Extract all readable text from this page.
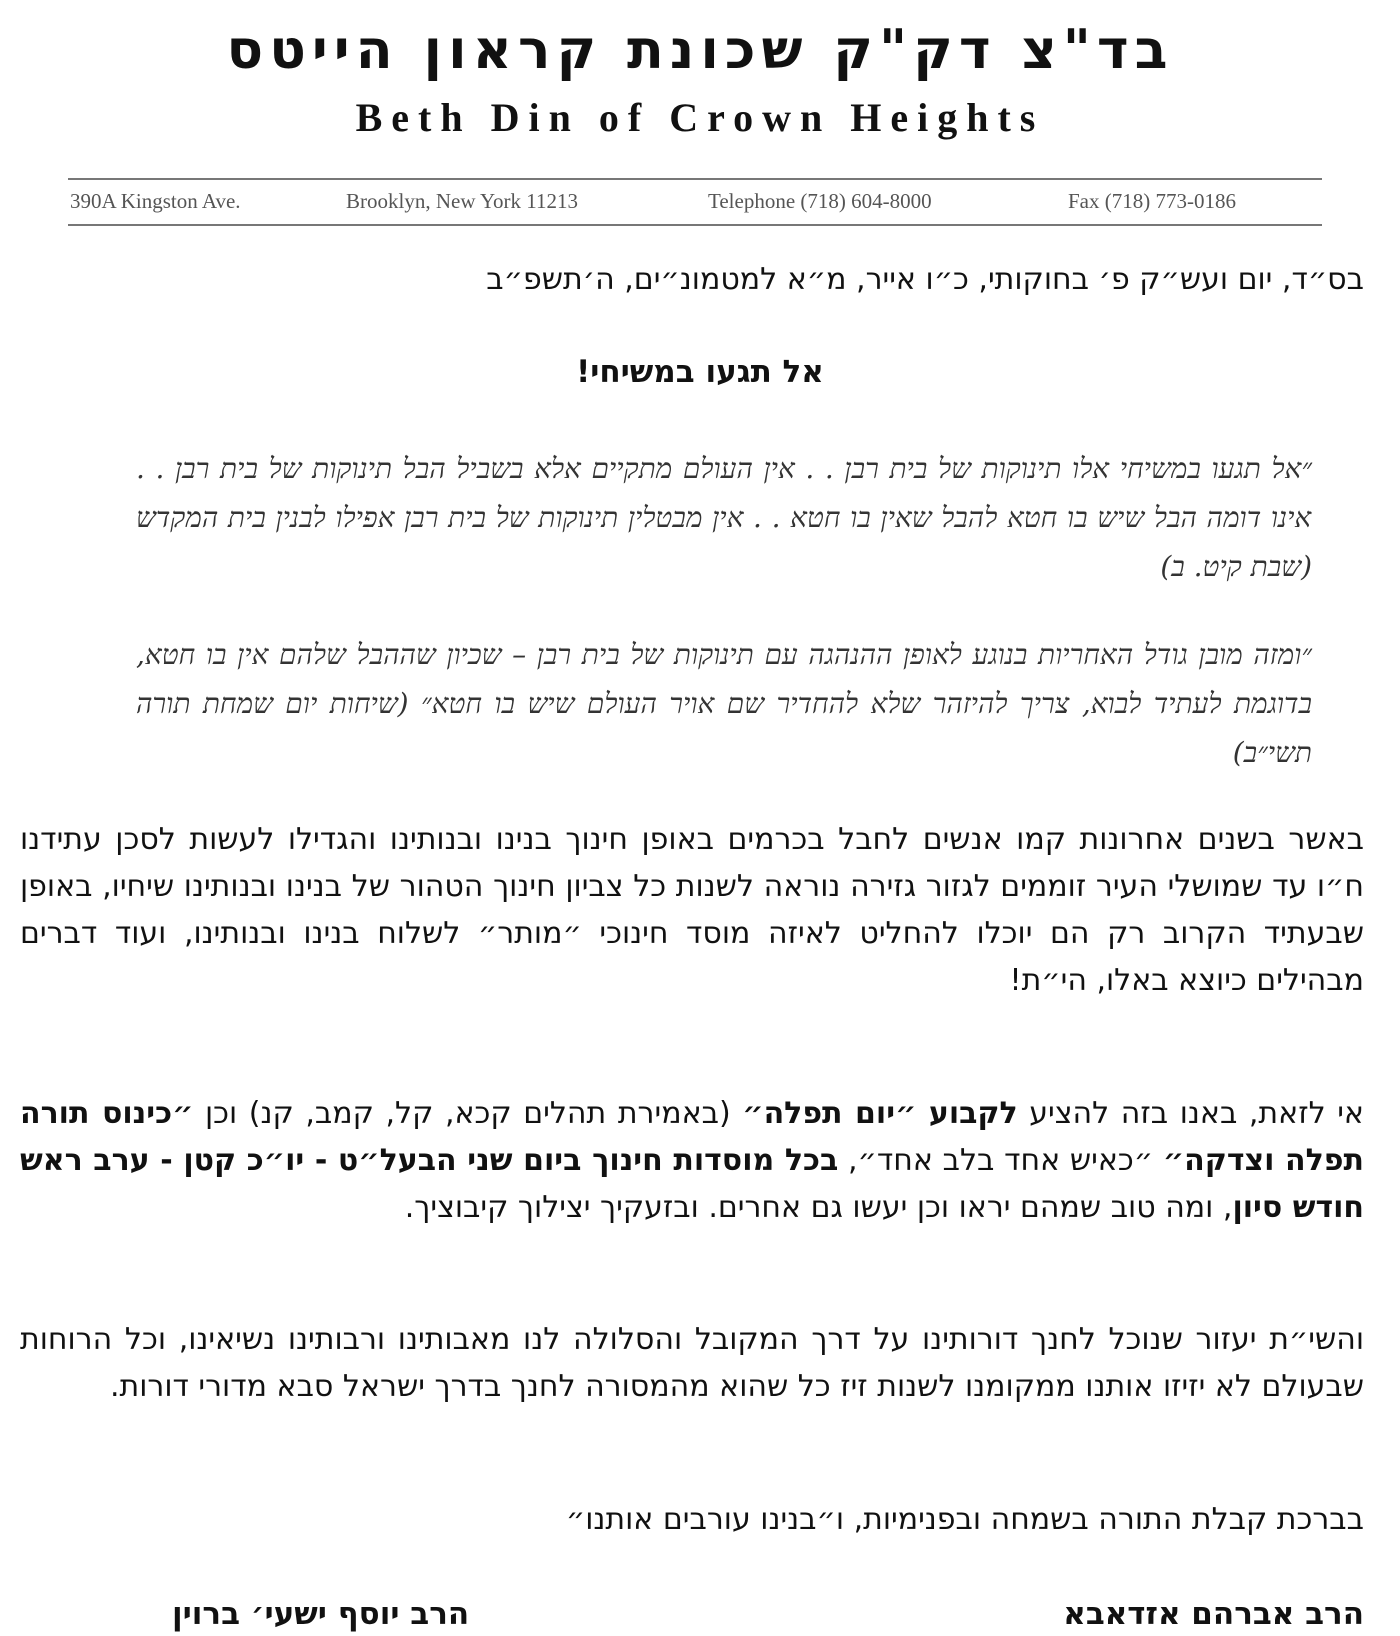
בד"צ דק"ק שכונת קראון הייטס
Beth Din of Crown Heights
390A Kingston Ave.	Brooklyn, New York 11213	Telephone (718) 604-8000	Fax (718) 773-0186
בס״ד, יום ועש״ק פ׳ בחוקותי, כ״ו אייר, מ״א למטמונ״ים, ה׳תשפ״ב
אל תגעו במשיחי!
״אל תגעו במשיחי אלו תינוקות של בית רבן . . אין העולם מתקיים אלא בשביל הבל תינוקות של בית רבן . . אינו דומה הבל שיש בו חטא להבל שאין בו חטא . . אין מבטלין תינוקות של בית רבן אפילו לבנין בית המקדש (שבת קיט. ב)
״ומזה מובן גודל האחריות בנוגע לאופן ההנהגה עם תינוקות של בית רבן – שכיון שההבל שלהם אין בו חטא, בדוגמת לעתיד לבוא, צריך להיזהר שלא להחדיר שם אויר העולם שיש בו חטא״ (שיחות יום שמחת תורה תשי״ב)
באשר בשנים אחרונות קמו אנשים לחבל בכרמים באופן חינוך בנינו ובנותינו והגדילו לעשות לסכן עתידנו ח״ו עד שמושלי העיר זוממים לגזור גזירה נוראה לשנות כל צביון חינוך הטהור של בנינו ובנותינו שיחיו, באופן שבעתיד הקרוב רק הם יוכלו להחליט לאיזה מוסד חינוכי ״מותר״ לשלוח בנינו ובנותינו, ועוד דברים מבהילים כיוצא באלו, הי״ת!
אי לזאת, באנו בזה להציע לקבוע ״יום תפלה״ (באמירת תהלים קכא, קל, קמב, קנ) וכן ״כינוס תורה תפלה וצדקה״ ״כאיש אחד בלב אחד״, בכל מוסדות חינוך ביום שני הבעל״ט - יו״כ קטן - ערב ראש חודש סיון, ומה טוב שמהם יראו וכן יעשו גם אחרים. ובזעקיך יצילוך קיבוציך.
והשי״ת יעזור שנוכל לחנך דורותינו על דרך המקובל והסלולה לנו מאבותינו ורבותינו נשיאינו, וכל הרוחות שבעולם לא יזיזו אותנו ממקומנו לשנות זיז כל שהוא מהמסורה לחנך בדרך ישראל סבא מדורי דורות.
בברכת קבלת התורה בשמחה ובפנימיות, ו״בנינו עורבים אותנו״
הרב אברהם אזדאבא
הרב יוסף ישעי׳ ברוין
